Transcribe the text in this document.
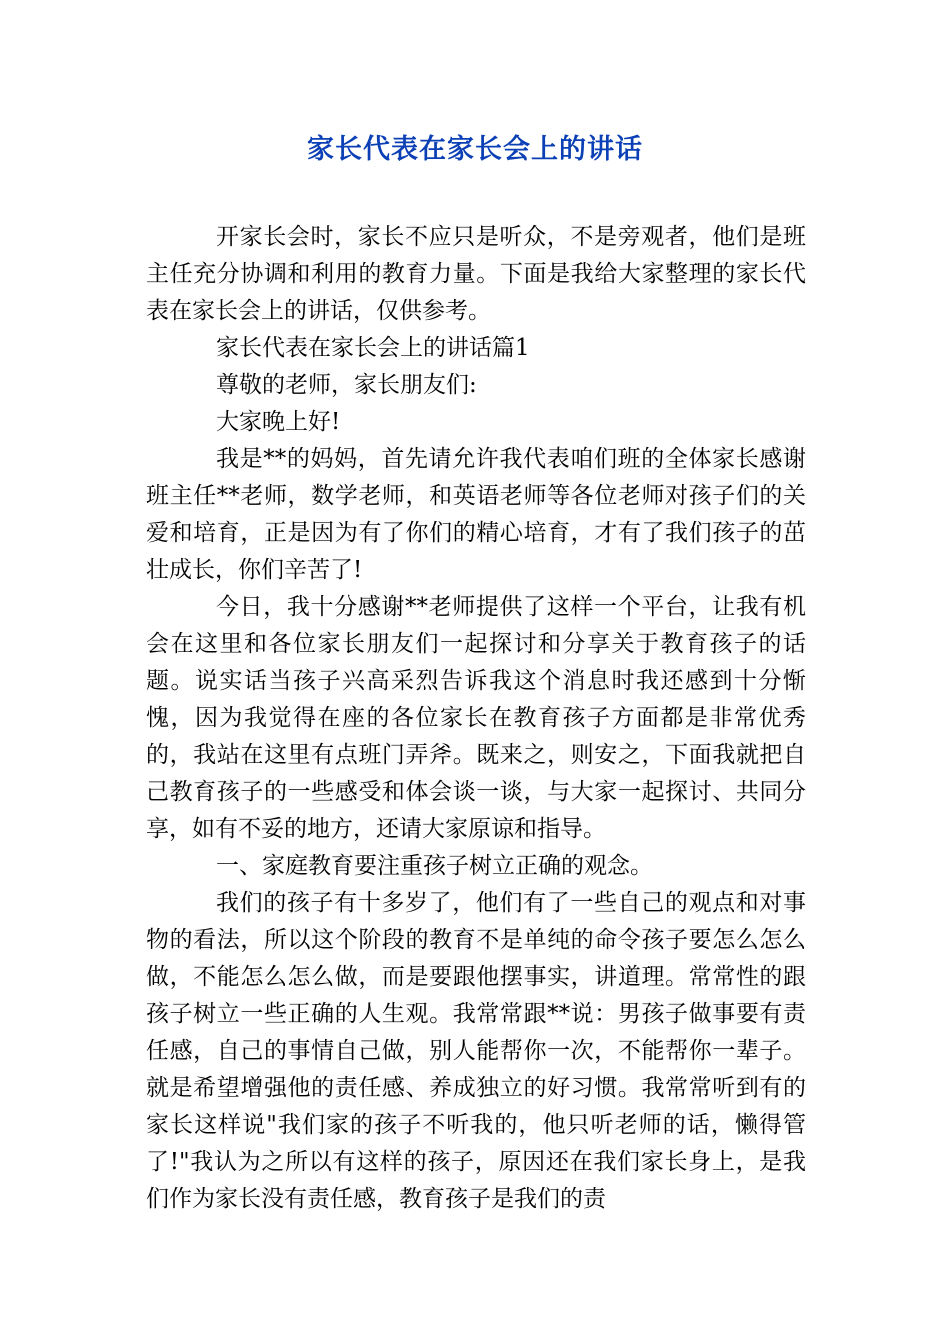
家长代表在家长会上的讲话

开家长会时，家长不应只是听众，不是旁观者，他们是班主任充分协调和利用的教育力量。下面是我给大家整理的家长代表在家长会上的讲话，仅供参考。

家长代表在家长会上的讲话篇1

尊敬的老师，家长朋友们:

大家晚上好!

我是**的妈妈，首先请允许我代表咱们班的全体家长感谢班主任**老师，数学老师，和英语老师等各位老师对孩子们的关爱和培育，正是因为有了你们的精心培育，才有了我们孩子的茁壮成长，你们辛苦了!

今日，我十分感谢**老师提供了这样一个平台，让我有机会在这里和各位家长朋友们一起探讨和分享关于教育孩子的话题。说实话当孩子兴高采烈告诉我这个消息时我还感到十分惭愧，因为我觉得在座的各位家长在教育孩子方面都是非常优秀的，我站在这里有点班门弄斧。既来之，则安之，下面我就把自己教育孩子的一些感受和体会谈一谈，与大家一起探讨、共同分享，如有不妥的地方，还请大家原谅和指导。

一、家庭教育要注重孩子树立正确的观念。

我们的孩子有十多岁了，他们有了一些自己的观点和对事物的看法，所以这个阶段的教育不是单纯的命令孩子要怎么怎么做，不能怎么怎么做，而是要跟他摆事实，讲道理。常常性的跟孩子树立一些正确的人生观。我常常跟**说：男孩子做事要有责任感，自己的事情自己做，别人能帮你一次，不能帮你一辈子。就是希望增强他的责任感、养成独立的好习惯。我常常听到有的家长这样说"我们家的孩子不听我的，他只听老师的话，懒得管了!"我认为之所以有这样的孩子，原因还在我们家长身上，是我们作为家长没有责任感，教育孩子是我们的责
